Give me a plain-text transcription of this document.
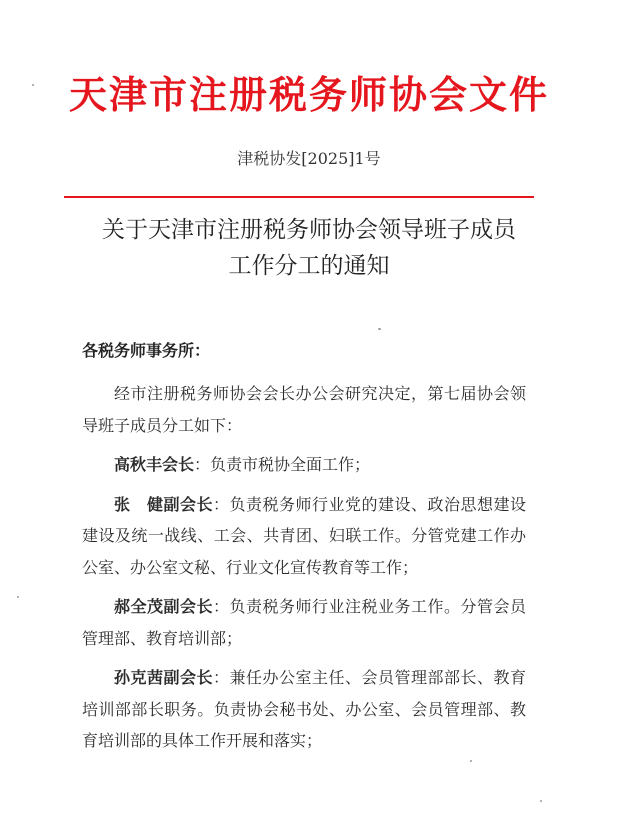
天津市注册税务师协会文件
津税协发[2025]1号
关于天津市注册税务师协会领导班子成员
工作分工的通知
各税务师事务所：

经市注册税务师协会会长办公会研究决定，第七届协会领导班子成员分工如下：

高秋丰会长：负责市税协全面工作；

张　健副会长：负责税务师行业党的建设、政治思想建设建设及统一战线、工会、共青团、妇联工作。分管党建工作办公室、办公室文秘、行业文化宣传教育等工作；

郝全茂副会长：负责税务师行业注税业务工作。分管会员管理部、教育培训部；

孙克茜副会长：兼任办公室主任、会员管理部部长、教育培训部部长职务。负责协会秘书处、办公室、会员管理部、教育培训部的具体工作开展和落实；
